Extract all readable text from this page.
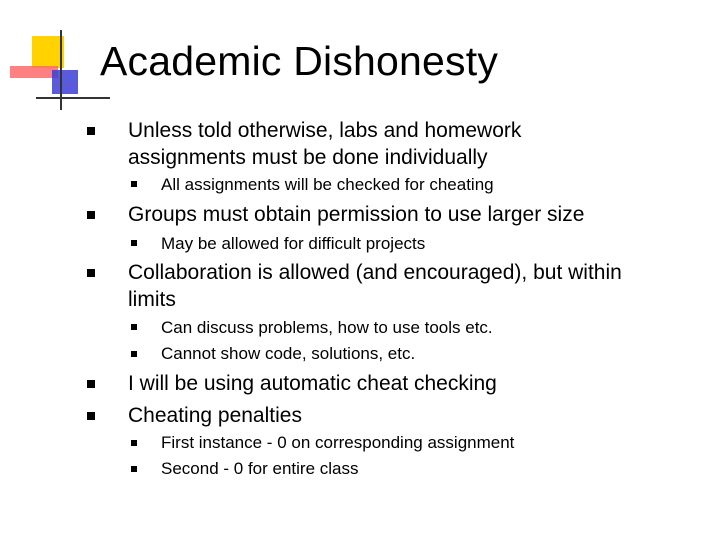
Academic Dishonesty
Unless told otherwise, labs and homework
assignments must be done individually
All assignments will be checked for cheating
Groups must obtain permission to use larger size
May be allowed for difficult projects
Collaboration is allowed (and encouraged), but within
limits
Can discuss problems, how to use tools etc.
Cannot show code, solutions, etc.
I will be using automatic cheat checking
Cheating penalties
First instance - 0 on corresponding assignment
Second - 0 for entire class
